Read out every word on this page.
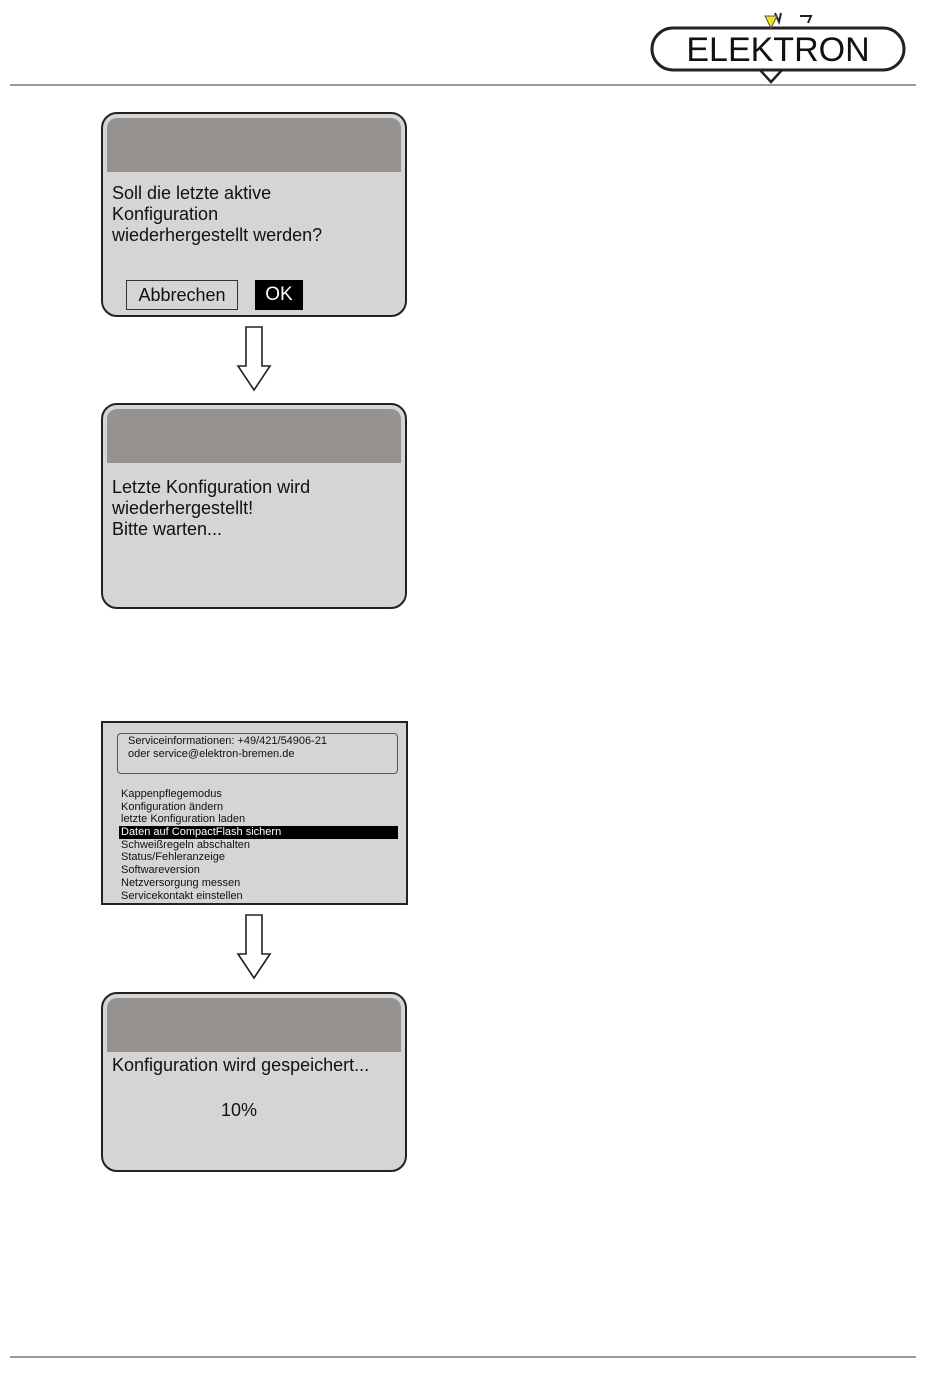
ELEKTRON
Soll die letzte aktive
Konfiguration
wiederhergestellt werden?
Abbrechen	OK
Letzte Konfiguration wird
wiederhergestellt!
Bitte warten...
Serviceinformationen: +49/421/54906-21
oder service@elektron-bremen.de
Kappenpflegemodus
Konfiguration ändern
letzte Konfiguration laden
Daten auf CompactFlash sichern
Schweißregeln abschalten
Status/Fehleranzeige
Softwareversion
Netzversorgung messen
Servicekontakt einstellen
Konfiguration wird gespeichert...
10%
